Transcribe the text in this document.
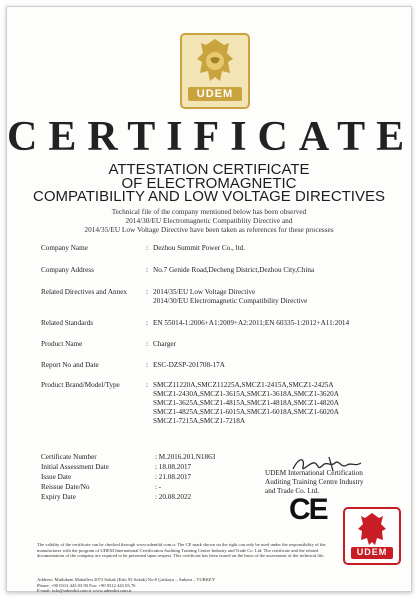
UDEM
CERTIFICATE
ATTESTATION CERTIFICATE
OF ELECTROMAGNETIC
COMPATIBILITY AND LOW VOLTAGE DIRECTIVES
Technical file of the company mentioned below has been observed
2014/30/EU Electromagnetic Compatiblity Directive and
2014/35/EU Low Voltage Directive have been taken as references for these processes
Company Name	: Dezhou Summit Power Co., ltd.
Company Address	: No.7 Genide Road,Decheng District,Dezhou City,China
Related Directives and Annex	: 2014/35/EU Low Voltage Directive
2014/30/EU Electromagnetic Compatibility Directive
Related Standards	: EN 55014-1:2006+A1:2009+A2:2011;EN 60335-1:2012+A11:2014
Product Name	: Charger
Report No and Date	: ESC-DZSP-201708-17A
Product Brand/Model/Type	: SMCZ11220A,SMCZ11225A,SMCZ1-2415A,SMCZ1-2425A
SMCZ1-2430A,SMCZ1-3615A,SMCZ1-3618A,SMCZ1-3620A
SMCZ1-3625A,SMCZ1-4815A,SMCZ1-4818A,SMCZ1-4820A
SMCZ1-4825A,SMCZ1-6015A,SMCZ1-6018A,SMCZ1-6020A
SMCZ1-7215A,SMCZ1-7218A
Certificate Number	: M.2016.201.N1863
Initial Assessment Date	: 18.08.2017
Issue Date	: 21.08.2017
Reissue Date/No	: -
Expiry Date	: 20.08.2022
UDEM International Certification
Auditing Training Centre Industry
and Trade Co. Ltd.
CE
UDEM
The validity of the certificate can be checked through www.udemltd.com.tr. The CE mark shown on the right can only be used under the responsibility of the manufacturer with the program of UDEM International Certification Auditing Training Centre Industry and Trade Co. Ltd. The certificate and the related documentation of the company are required to be presented upon request. This certificate has been issued on the basis of the assessment of the technical file.
Address: Mutlukent Mahallesi 2073 Sokak (Eski 93 Sokak) No:8 Çankaya – Ankara – TURKEY
Phone: +90 0312 443 03 90 Fax: +90 0312 443 03 76
E-mail: info@udemltd.com.tr www.udemltd.com.tr
